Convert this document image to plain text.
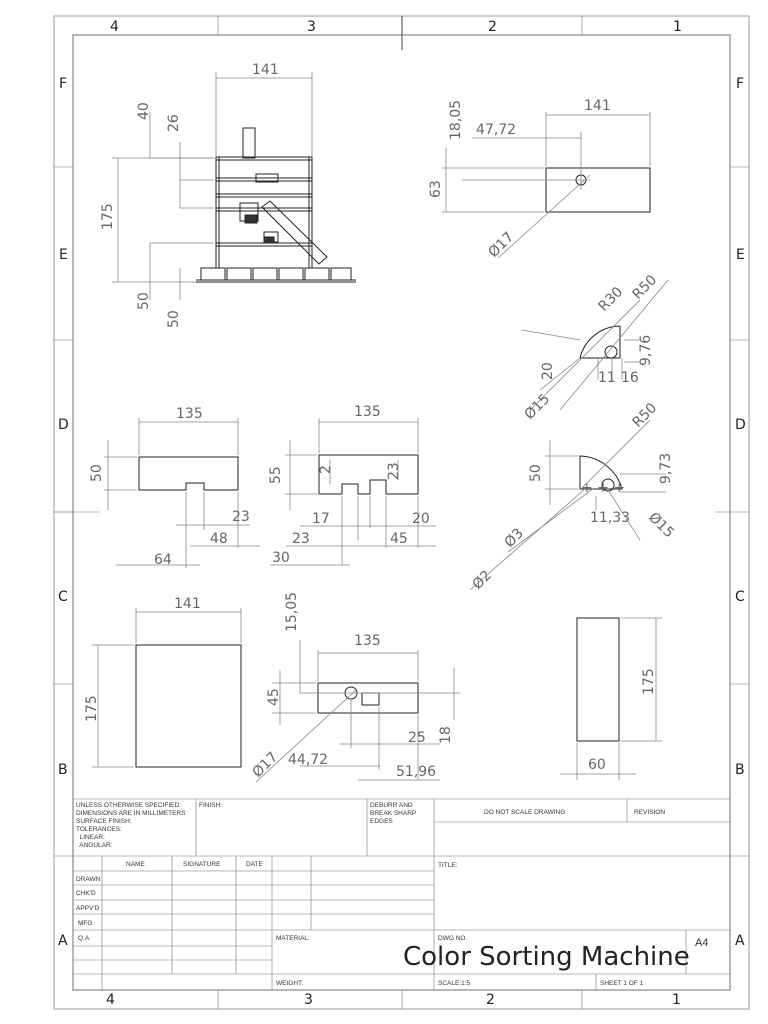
4	3	2	1
4	3	2	1
F
E
D
C
B
A
F
E
D
C
B
A
141
40
26
175
50
50
18,05 47,72
141
63
Ø17
R30 R50
20
9,76
11 16
Ø15
135
50
23
48
64
135
55 2	23
17	20
23	45
30
+ + +
R50
50	9,73
11,33 Ø15
Ø3
Ø2
141
175
15,05
135
45
Ø17 44,72
25 18
51,96
175
60
UNLESS OTHERWISE SPECIFIED:
DIMENSIONS ARE IN MILLIMETERS
SURFACE FINISH:
TOLERANCES:
LINEAR:
ANGULAR:
FINISH:	DEBURR AND
BREAK SHARP
EDGES
DO NOT SCALE DRAWING	REVISION
NAME	SIGNATURE	DATE
DRAWN
CHK'D
APPV'D
MFG
Q.A
TITLE:
MATERIAL:
WEIGHT:
DWG NO.	A4
Color Sorting Machine
SCALE:1:5	SHEET 1 OF 1
